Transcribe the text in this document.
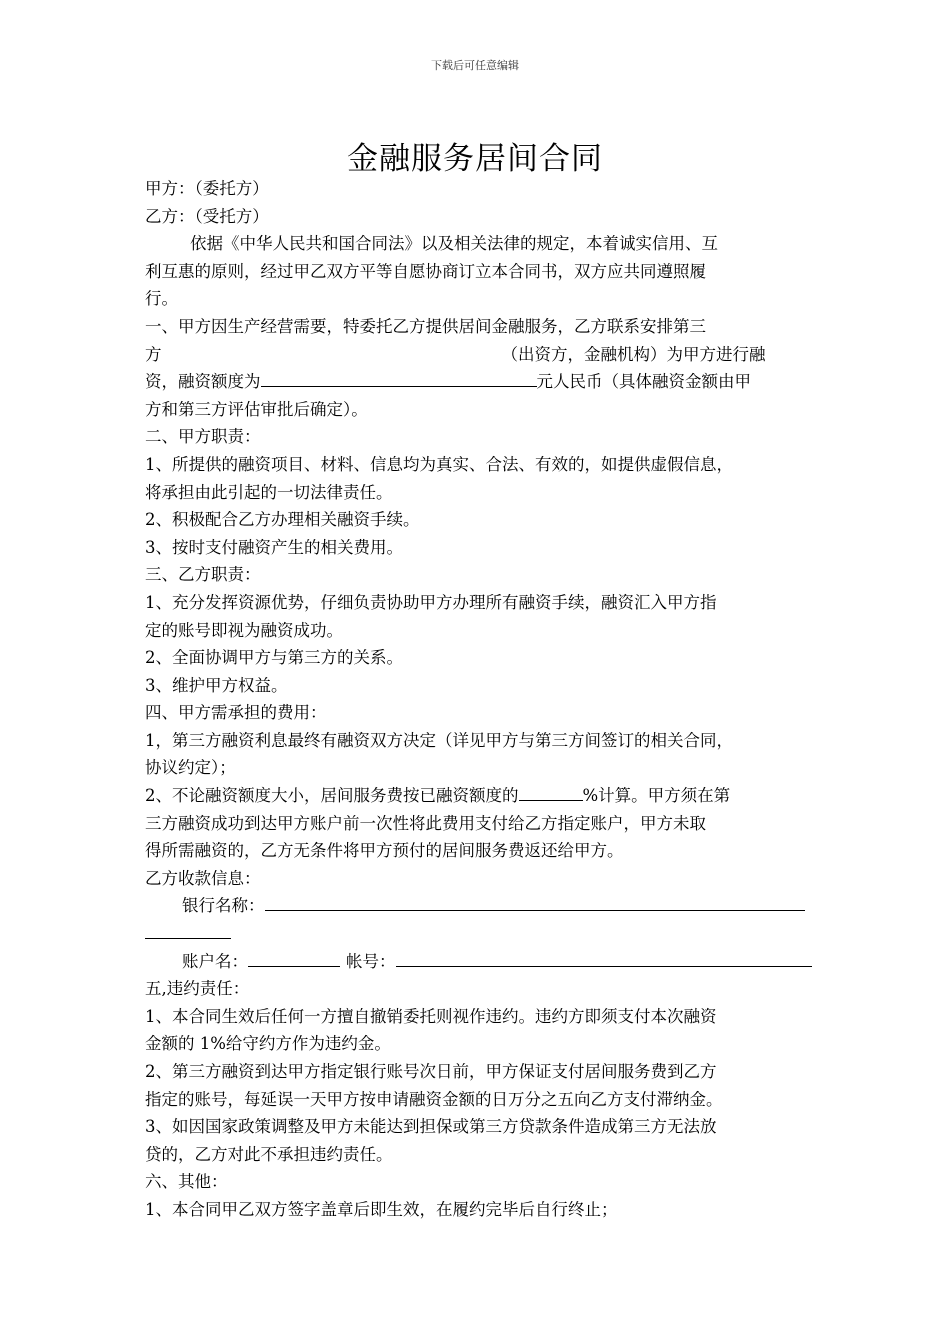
下载后可任意编辑
金融服务居间合同

甲方：（委托方）

乙方：（受托方）

依据《中华人民共和国合同法》以及相关法律的规定，本着诚实信用、互

利互惠的原则，经过甲乙双方平等自愿协商订立本合同书，双方应共同遵照履

行。

一、甲方因生产经营需要，特委托乙方提供居间金融服务，乙方联系安排第三

方	（出资方，金融机构）为甲方进行融

资，融资额度为	元人民币（具体融资金额由甲

方和第三方评估审批后确定）。

二、甲方职责：

1、所提供的融资项目、材料、信息均为真实、合法、有效的，如提供虚假信息，

将承担由此引起的一切法律责任。

2、积极配合乙方办理相关融资手续。

3、按时支付融资产生的相关费用。

三、乙方职责：

1、充分发挥资源优势，仔细负责协助甲方办理所有融资手续，融资汇入甲方指

定的账号即视为融资成功。

2、全面协调甲方与第三方的关系。

3、维护甲方权益。

四、甲方需承担的费用：

1，第三方融资利息最终有融资双方决定（详见甲方与第三方间签订的相关合同，

协议约定）；

2、不论融资额度大小，居间服务费按已融资额度的	%计算。甲方须在第

三方融资成功到达甲方账户前一次性将此费用支付给乙方指定账户，甲方未取

得所需融资的，乙方无条件将甲方预付的居间服务费返还给甲方。

乙方收款信息：

银行名称：

账户名：	帐号：

五,违约责任：

1、本合同生效后任何一方擅自撤销委托则视作违约。违约方即须支付本次融资

金额的 1%给守约方作为违约金。

2、第三方融资到达甲方指定银行账号次日前，甲方保证支付居间服务费到乙方

指定的账号，每延误一天甲方按申请融资金额的日万分之五向乙方支付滞纳金。

3、如因国家政策调整及甲方未能达到担保或第三方贷款条件造成第三方无法放

贷的，乙方对此不承担违约责任。

六、其他：

1、本合同甲乙双方签字盖章后即生效，在履约完毕后自行终止；
